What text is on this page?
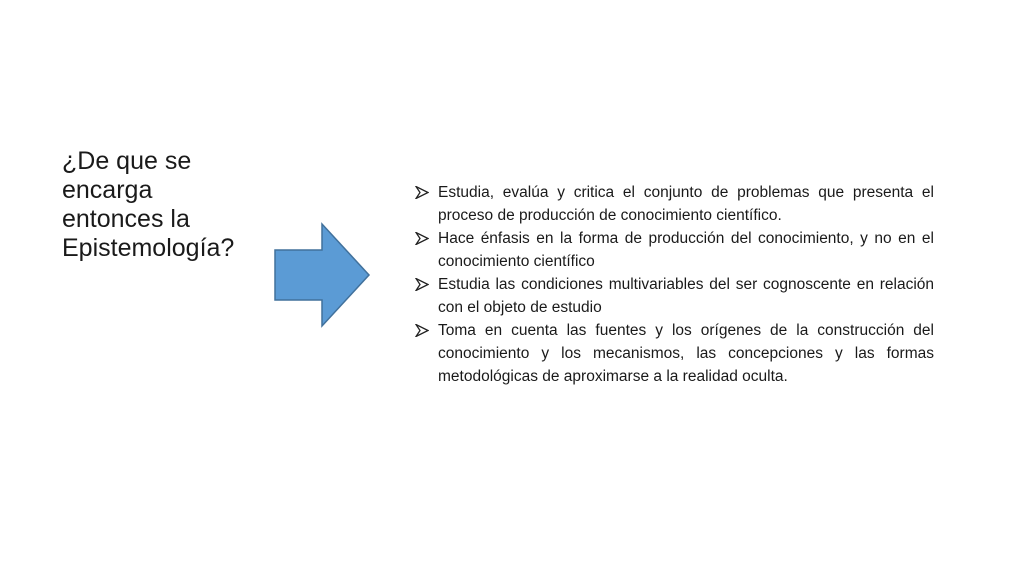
¿De que se
encarga
entonces la
Epistemología?
Estudia, evalúa y critica el conjunto de problemas que presenta el proceso de producción de conocimiento científico.
Hace énfasis en la forma de producción del conocimiento, y no en el conocimiento científico
Estudia las condiciones multivariables del ser cognoscente en relación con el objeto de estudio
Toma en cuenta las fuentes y los orígenes de la construcción del conocimiento y los mecanismos, las concepciones y las formas metodológicas de aproximarse a la realidad oculta.
